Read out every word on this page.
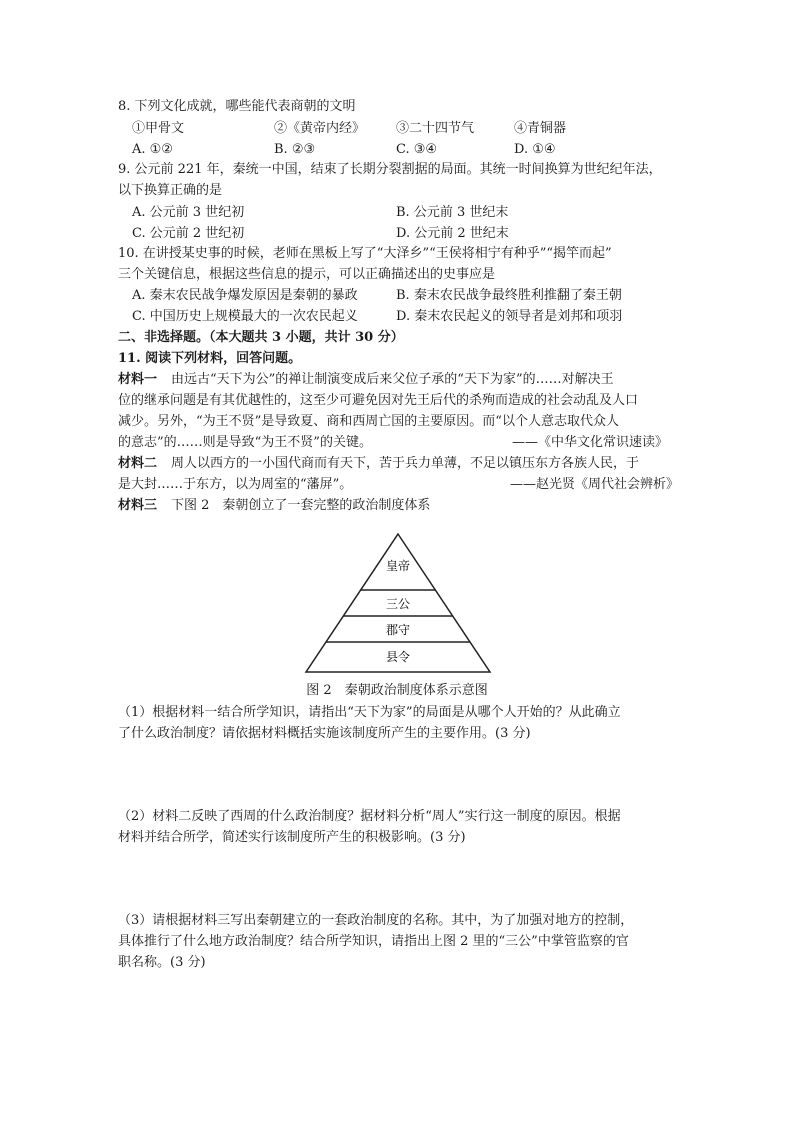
8. 下列文化成就，哪些能代表商朝的文明
①甲骨文	②《黄帝内经》 ③二十四节气	④青铜器
A. ①②	B. ②③	C. ③④	D. ①④
9. 公元前 221 年，秦统一中国，结束了长期分裂割据的局面。其统一时间换算为世纪纪年法，
以下换算正确的是
A. 公元前 3 世纪初	B. 公元前 3 世纪末
C. 公元前 2 世纪初	D. 公元前 2 世纪末
10. 在讲授某史事的时候，老师在黑板上写了“大泽乡”“王侯将相宁有种乎”“揭竿而起”
三个关键信息，根据这些信息的提示，可以正确描述出的史事应是
A. 秦末农民战争爆发原因是秦朝的暴政	B. 秦末农民战争最终胜利推翻了秦王朝
C. 中国历史上规模最大的一次农民起义	D. 秦末农民起义的领导者是刘邦和项羽
二、非选择题。（本大题共 3 小题，共计 30 分）
11. 阅读下列材料，回答问题。
材料一 由远古“天下为公”的禅让制演变成后来父位子承的“天下为家”的……对解决王
位的继承问题是有其优越性的，这至少可避免因对先王后代的杀殉而造成的社会动乱及人口
减少。另外，“为王不贤”是导致夏、商和西周亡国的主要原因。而“以个人意志取代众人
的意志”的……则是导致“为王不贤”的关键。	——《中华文化常识速读》
材料二 周人以西方的一小国代商而有天下，苦于兵力单薄，不足以镇压东方各族人民，于
是大封……于东方，以为周室的“藩屏”。	——赵光贤《周代社会辨析》
材料三 下图 2　秦朝创立了一套完整的政治制度体系
皇帝
三公
郡守
县令
图 2　秦朝政治制度体系示意图
（1）根据材料一结合所学知识，请指出“天下为家”的局面是从哪个人开始的？从此确立
了什么政治制度？请依据材料概括实施该制度所产生的主要作用。(3 分)
（2）材料二反映了西周的什么政治制度？据材料分析“周人”实行这一制度的原因。根据
材料并结合所学，简述实行该制度所产生的积极影响。(3 分)
（3）请根据材料三写出秦朝建立的一套政治制度的名称。其中，为了加强对地方的控制，
具体推行了什么地方政治制度？结合所学知识，请指出上图 2 里的“三公”中掌管监察的官
职名称。(3 分)
